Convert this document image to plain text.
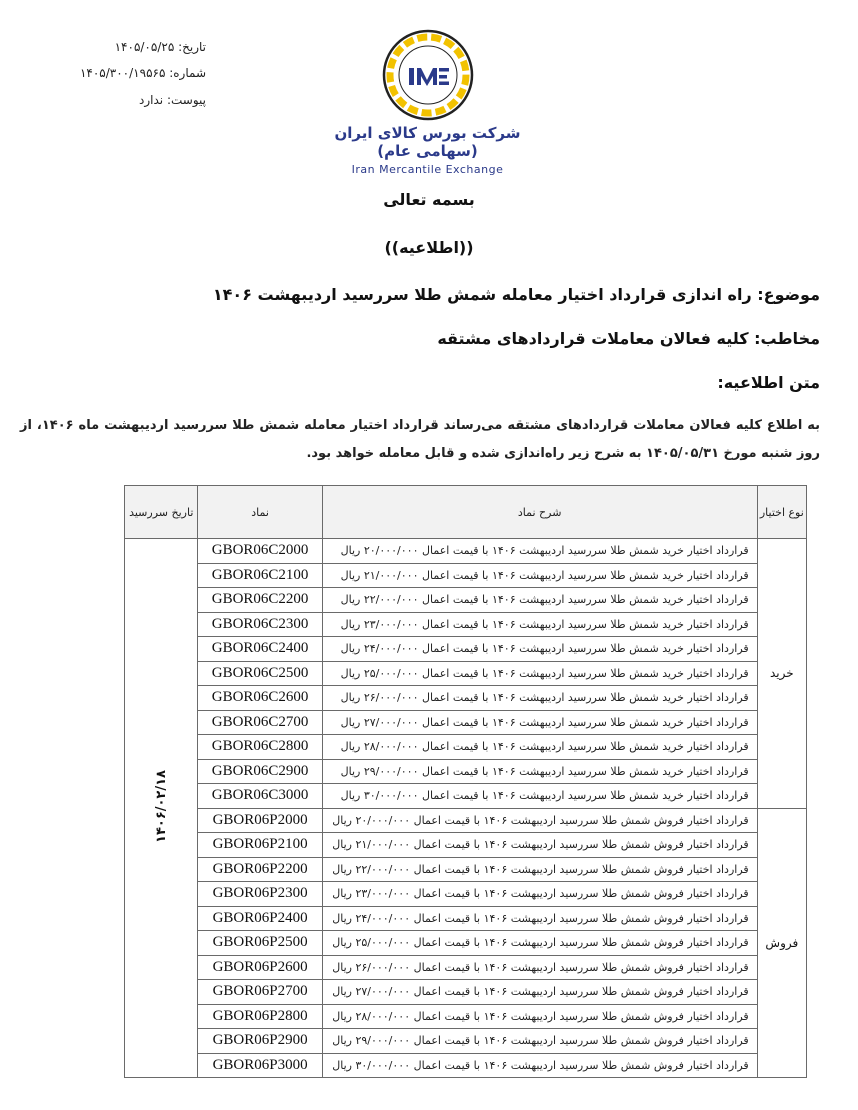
تاریخ: ۱۴۰۵/۰۵/۲۵
شماره: ۱۴۰۵/۳۰۰/۱۹۵۶۵
پیوست: ندارد
شرکت بورس کالای ایران (سهامی عام)
Iran Mercantile Exchange
بسمه تعالی
((اطلاعیه))
موضوع: راه اندازی قرارداد اختیار معامله شمش طلا سررسید اردیبهشت ۱۴۰۶
مخاطب: کلیه فعالان معاملات قراردادهای مشتقه
متن اطلاعیه:
به اطلاع کلیه فعالان معاملات قراردادهای مشتقه می‌رساند قرارداد اختیار معامله شمش طلا سررسید اردیبهشت ماه ۱۴۰۶، از روز شنبه مورخ ۱۴۰۵/۰۵/۳۱ به شرح زیر راه‌اندازی شده و قابل معامله خواهد بود.
نوع اختیار	شرح نماد	نماد	تاریخ سررسید
خرید	قرارداد اختیار خرید شمش طلا سررسید اردیبهشت ۱۴۰۶ با قیمت اعمال ۲۰/۰۰۰/۰۰۰ ریال	GBOR06C2000	۱۴۰۶/۰۲/۱۸
	قرارداد اختیار خرید شمش طلا سررسید اردیبهشت ۱۴۰۶ با قیمت اعمال ۲۱/۰۰۰/۰۰۰ ریال	GBOR06C2100	
	قرارداد اختیار خرید شمش طلا سررسید اردیبهشت ۱۴۰۶ با قیمت اعمال ۲۲/۰۰۰/۰۰۰ ریال	GBOR06C2200	
	قرارداد اختیار خرید شمش طلا سررسید اردیبهشت ۱۴۰۶ با قیمت اعمال ۲۳/۰۰۰/۰۰۰ ریال	GBOR06C2300	
	قرارداد اختیار خرید شمش طلا سررسید اردیبهشت ۱۴۰۶ با قیمت اعمال ۲۴/۰۰۰/۰۰۰ ریال	GBOR06C2400	
	قرارداد اختیار خرید شمش طلا سررسید اردیبهشت ۱۴۰۶ با قیمت اعمال ۲۵/۰۰۰/۰۰۰ ریال	GBOR06C2500	
	قرارداد اختیار خرید شمش طلا سررسید اردیبهشت ۱۴۰۶ با قیمت اعمال ۲۶/۰۰۰/۰۰۰ ریال	GBOR06C2600	
	قرارداد اختیار خرید شمش طلا سررسید اردیبهشت ۱۴۰۶ با قیمت اعمال ۲۷/۰۰۰/۰۰۰ ریال	GBOR06C2700	
	قرارداد اختیار خرید شمش طلا سررسید اردیبهشت ۱۴۰۶ با قیمت اعمال ۲۸/۰۰۰/۰۰۰ ریال	GBOR06C2800	
	قرارداد اختیار خرید شمش طلا سررسید اردیبهشت ۱۴۰۶ با قیمت اعمال ۲۹/۰۰۰/۰۰۰ ریال	GBOR06C2900	
	قرارداد اختیار خرید شمش طلا سررسید اردیبهشت ۱۴۰۶ با قیمت اعمال ۳۰/۰۰۰/۰۰۰ ریال	GBOR06C3000	
فروش	قرارداد اختیار فروش شمش طلا سررسید اردیبهشت ۱۴۰۶ با قیمت اعمال ۲۰/۰۰۰/۰۰۰ ریال	GBOR06P2000	
	قرارداد اختیار فروش شمش طلا سررسید اردیبهشت ۱۴۰۶ با قیمت اعمال ۲۱/۰۰۰/۰۰۰ ریال	GBOR06P2100	
	قرارداد اختیار فروش شمش طلا سررسید اردیبهشت ۱۴۰۶ با قیمت اعمال ۲۲/۰۰۰/۰۰۰ ریال	GBOR06P2200	
	قرارداد اختیار فروش شمش طلا سررسید اردیبهشت ۱۴۰۶ با قیمت اعمال ۲۳/۰۰۰/۰۰۰ ریال	GBOR06P2300	
	قرارداد اختیار فروش شمش طلا سررسید اردیبهشت ۱۴۰۶ با قیمت اعمال ۲۴/۰۰۰/۰۰۰ ریال	GBOR06P2400	
	قرارداد اختیار فروش شمش طلا سررسید اردیبهشت ۱۴۰۶ با قیمت اعمال ۲۵/۰۰۰/۰۰۰ ریال	GBOR06P2500	
	قرارداد اختیار فروش شمش طلا سررسید اردیبهشت ۱۴۰۶ با قیمت اعمال ۲۶/۰۰۰/۰۰۰ ریال	GBOR06P2600	
	قرارداد اختیار فروش شمش طلا سررسید اردیبهشت ۱۴۰۶ با قیمت اعمال ۲۷/۰۰۰/۰۰۰ ریال	GBOR06P2700	
	قرارداد اختیار فروش شمش طلا سررسید اردیبهشت ۱۴۰۶ با قیمت اعمال ۲۸/۰۰۰/۰۰۰ ریال	GBOR06P2800	
	قرارداد اختیار فروش شمش طلا سررسید اردیبهشت ۱۴۰۶ با قیمت اعمال ۲۹/۰۰۰/۰۰۰ ریال	GBOR06P2900	
	قرارداد اختیار فروش شمش طلا سررسید اردیبهشت ۱۴۰۶ با قیمت اعمال ۳۰/۰۰۰/۰۰۰ ریال	GBOR06P3000	
